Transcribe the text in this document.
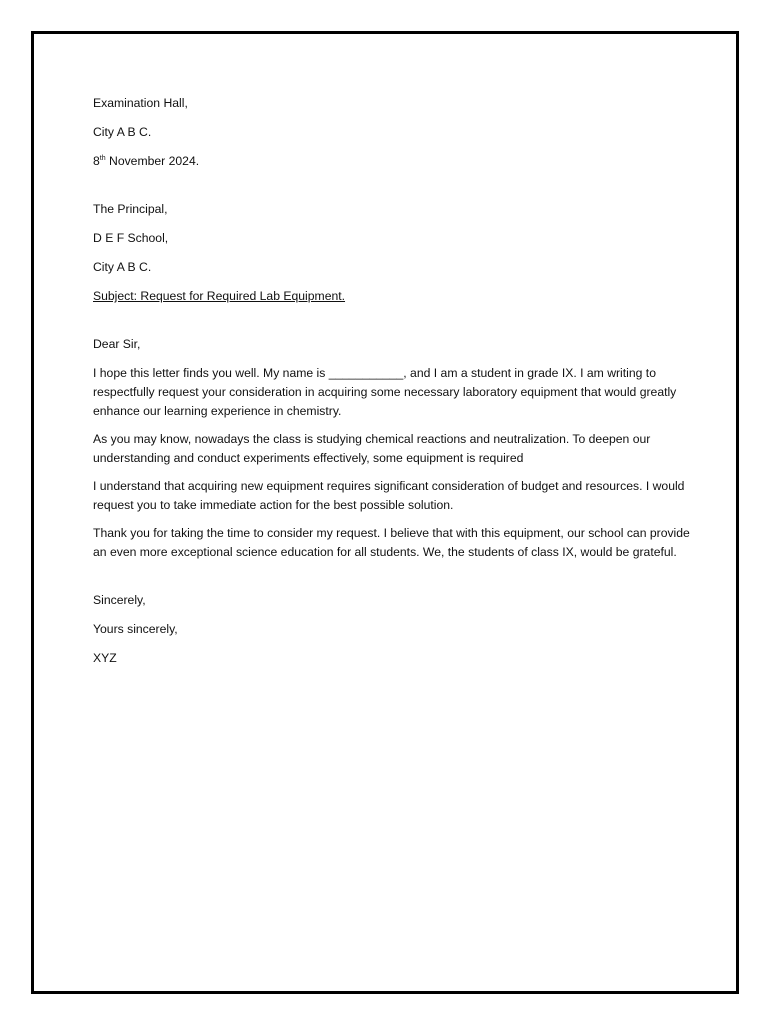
Examination Hall,

City A B C.

8th November 2024.

The Principal,

D E F School,

City A B C.

Subject: Request for Required Lab Equipment.

Dear Sir,

I hope this letter finds you well. My name is ___________, and I am a student in grade IX. I am writing to respectfully request your consideration in acquiring some necessary laboratory equipment that would greatly enhance our learning experience in chemistry.

As you may know, nowadays the class is studying chemical reactions and neutralization. To deepen our understanding and conduct experiments effectively, some equipment is required

I understand that acquiring new equipment requires significant consideration of budget and resources. I would request you to take immediate action for the best possible solution.

Thank you for taking the time to consider my request. I believe that with this equipment, our school can provide an even more exceptional science education for all students. We, the students of class IX, would be grateful.

Sincerely,

Yours sincerely,

XYZ
